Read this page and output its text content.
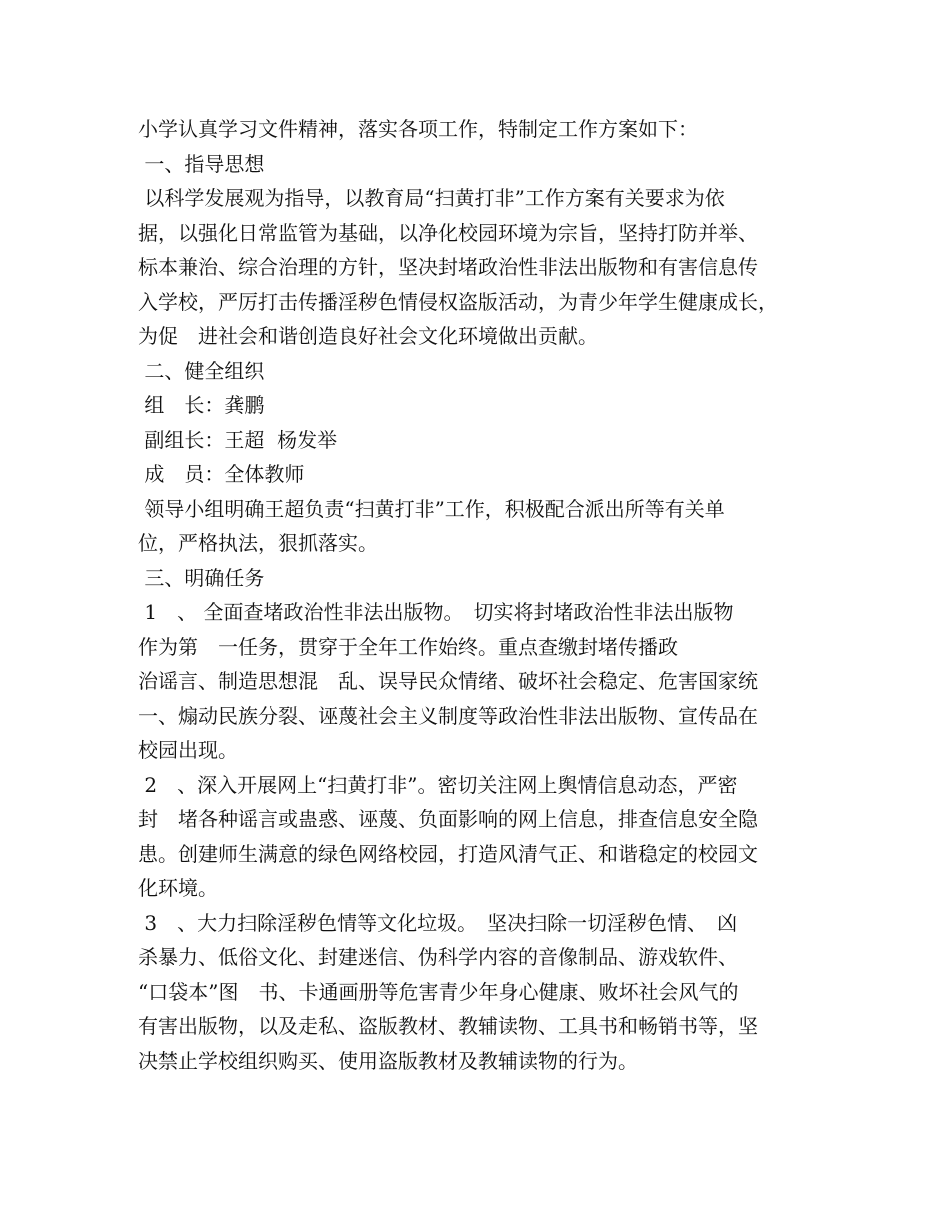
小学认真学习文件精神，落实各项工作，特制定工作方案如下：
一、指导思想
以科学发展观为指导，以教育局“扫黄打非”工作方案有关要求为依
据，以强化日常监管为基础，以净化校园环境为宗旨，坚持打防并举、
标本兼治、综合治理的方针，坚决封堵政治性非法出版物和有害信息传
入学校，严厉打击传播淫秽色情侵权盗版活动，为青少年学生健康成长，
为促　进社会和谐创造良好社会文化环境做出贡献。
二、健全组织
组　长：龚鹏
副组长：王超  杨发举
成　员：全体教师
领导小组明确王超负责“扫黄打非”工作，积极配合派出所等有关单
位，严格执法，狠抓落实。
三、明确任务
1　、 全面查堵政治性非法出版物。　切实将封堵政治性非法出版物
作为第　一任务，贯穿于全年工作始终。重点查缴封堵传播政
治谣言、制造思想混　乱、误导民众情绪、破坏社会稳定、危害国家统
一、煽动民族分裂、诬蔑社会主义制度等政治性非法出版物、宣传品在
校园出现。
2　、深入开展网上“扫黄打非”。密切关注网上舆情信息动态，严密
封　堵各种谣言或蛊惑、诬蔑、负面影响的网上信息，排查信息安全隐
患。创建师生满意的绿色网络校园，打造风清气正、和谐稳定的校园文
化环境。
3　、大力扫除淫秽色情等文化垃圾。　坚决扫除一切淫秽色情、　凶
杀暴力、低俗文化、封建迷信、伪科学内容的音像制品、游戏软件、
“口袋本”图　书、卡通画册等危害青少年身心健康、败坏社会风气的
有害出版物，以及走私、盗版教材、教辅读物、工具书和畅销书等，坚
决禁止学校组织购买、使用盗版教材及教辅读物的行为。
